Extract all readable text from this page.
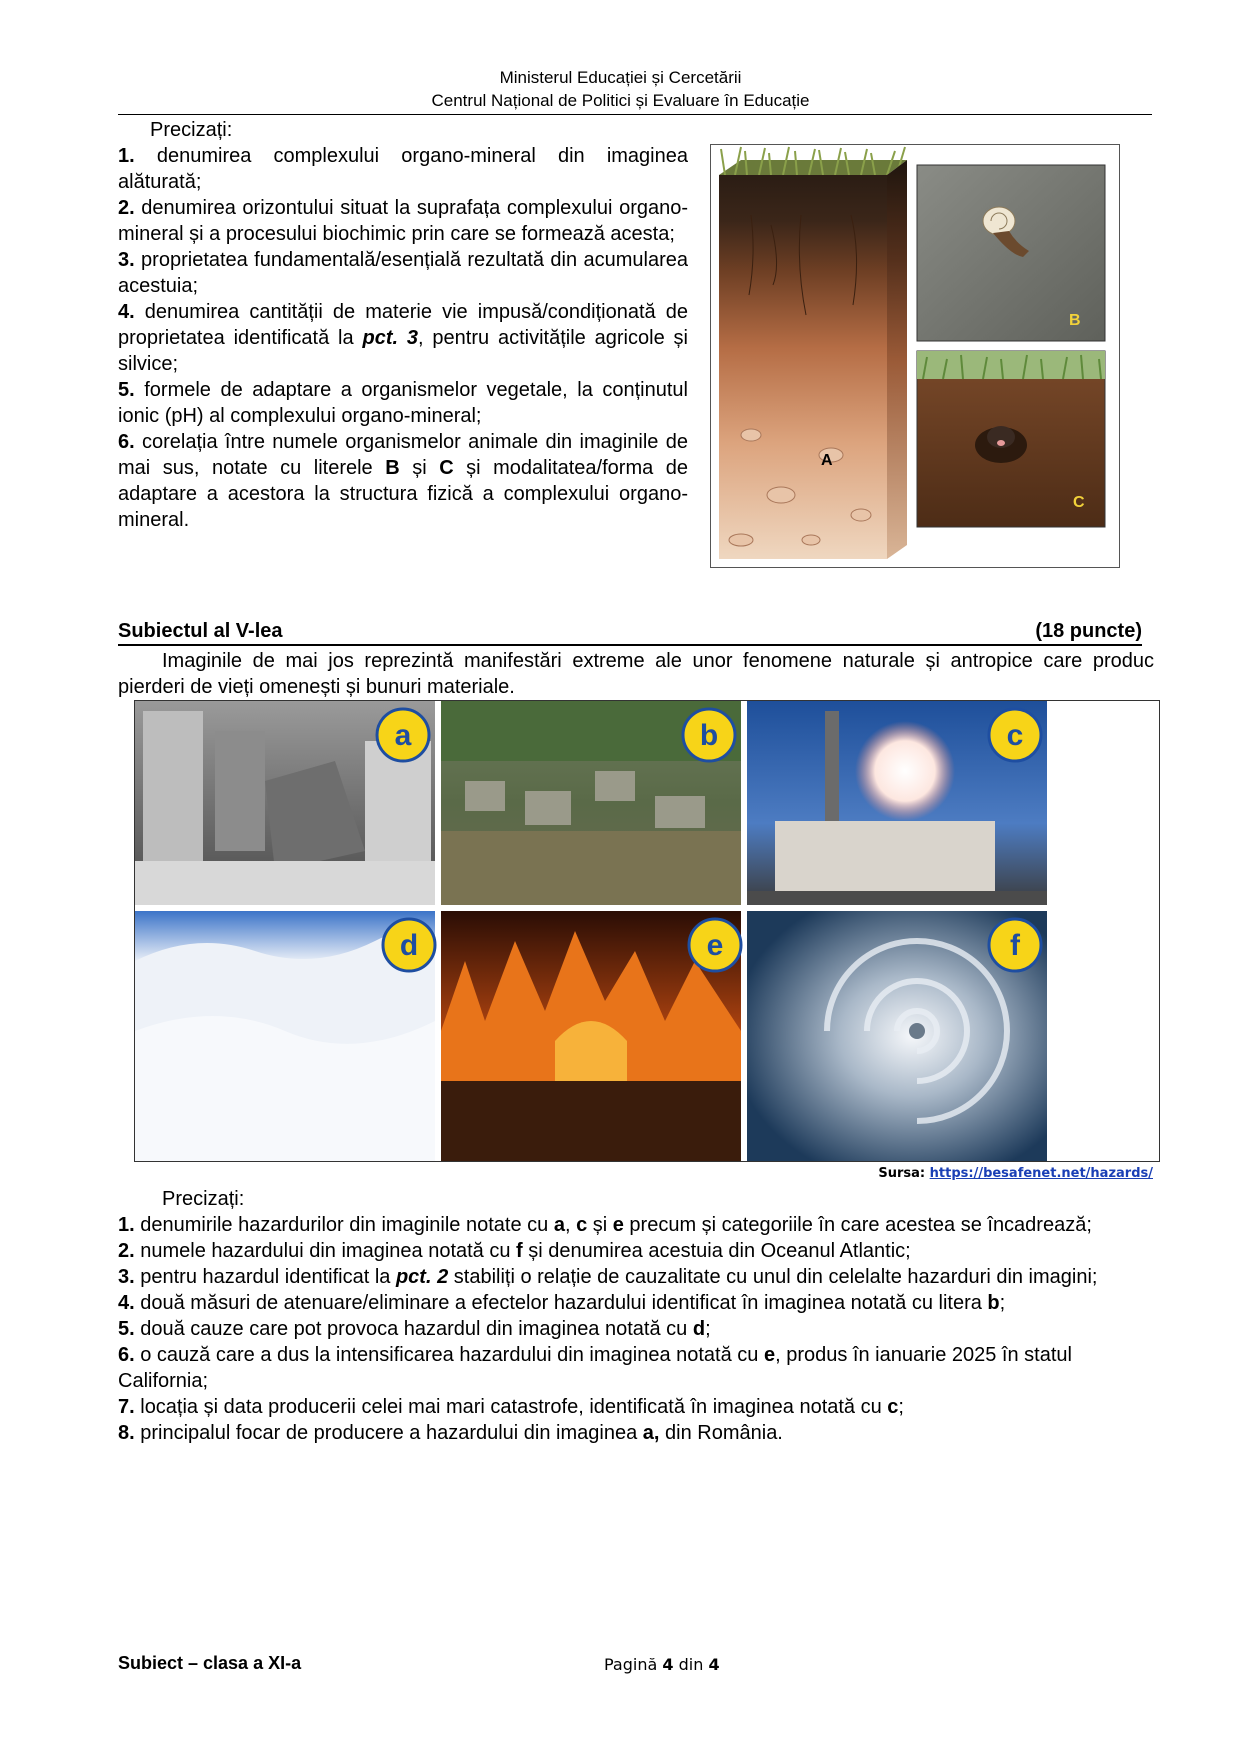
Ministerul Educației și Cercetării
Centrul Național de Politici și Evaluare în Educație
Precizați:
1. denumirea complexului organo-mineral din imaginea alăturată;
2. denumirea orizontului situat la suprafața complexului organo-mineral și a procesului biochimic prin care se formează acesta;
3. proprietatea fundamentală/esențială rezultată din acumularea acestuia;
4. denumirea cantității de materie vie impusă/condiționată de proprietatea identificată la pct. 3, pentru activitățile agricole și silvice;
5. formele de adaptare a organismelor vegetale, la conținutul ionic (pH) al complexului organo-mineral;
6. corelația între numele organismelor animale din imaginile de mai sus, notate cu literele B și C și modalitatea/forma de adaptare a acestora la structura fizică a complexului organo-mineral.
A
B
C
Subiectul al V-lea	(18 puncte)
Imaginile de mai jos reprezintă manifestări extreme ale unor fenomene naturale și antropice care produc pierderi de vieți omenești și bunuri materiale.
a	b	c
d	e	f
Sursa: https://besafenet.net/hazards/
Precizați:
1. denumirile hazardurilor din imaginile notate cu a, c și e precum și categoriile în care acestea se încadrează;
2. numele hazardului din imaginea notată cu f și denumirea acestuia din Oceanul Atlantic;
3. pentru hazardul identificat la pct. 2 stabiliți o relație de cauzalitate cu unul din celelalte hazarduri din imagini;
4. două măsuri de atenuare/eliminare a efectelor hazardului identificat în imaginea notată cu litera b;
5. două cauze care pot provoca hazardul din imaginea notată cu d;
6. o cauză care a dus la intensificarea hazardului din imaginea notată cu e, produs în ianuarie 2025 în statul California;
7. locația și data producerii celei mai mari catastrofe, identificată în imaginea notată cu c;
8. principalul focar de producere a hazardului din imaginea a, din România.
Subiect – clasa a XI-a	Pagină 4 din 4
